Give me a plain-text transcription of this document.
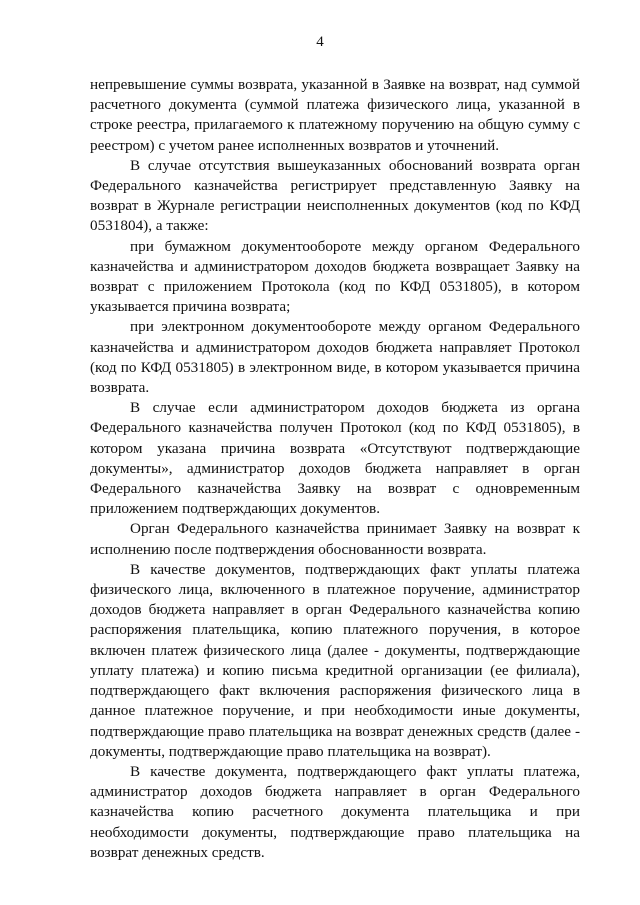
4

непревышение суммы возврата, указанной в Заявке на возврат, над суммой расчетного документа (суммой платежа физического лица, указанной в строке реестра, прилагаемого к платежному поручению на общую сумму с реестром) с учетом ранее исполненных возвратов и уточнений.

В случае отсутствия вышеуказанных обоснований возврата орган Федерального казначейства регистрирует представленную Заявку на возврат в Журнале регистрации неисполненных документов (код по КФД 0531804), а также:

при бумажном документообороте между органом Федерального казначейства и администратором доходов бюджета возвращает Заявку на возврат с приложением Протокола (код по КФД 0531805), в котором указывается причина возврата;

при электронном документообороте между органом Федерального казначейства и администратором доходов бюджета направляет Протокол (код по КФД 0531805) в электронном виде, в котором указывается причина возврата.

В случае если администратором доходов бюджета из органа Федерального казначейства получен Протокол (код по КФД 0531805), в котором указана причина возврата «Отсутствуют подтверждающие документы», администратор доходов бюджета направляет в орган Федерального казначейства Заявку на возврат с одновременным приложением подтверждающих документов.

Орган Федерального казначейства принимает Заявку на возврат к исполнению после подтверждения обоснованности возврата.

В качестве документов, подтверждающих факт уплаты платежа физического лица, включенного в платежное поручение, администратор доходов бюджета направляет в орган Федерального казначейства копию распоряжения плательщика, копию платежного поручения, в которое включен платеж физического лица (далее - документы, подтверждающие уплату платежа) и копию письма кредитной организации (ее филиала), подтверждающего факт включения распоряжения физического лица в данное платежное поручение, и при необходимости иные документы, подтверждающие право плательщика на возврат денежных средств (далее - документы, подтверждающие право плательщика на возврат).

В качестве документа, подтверждающего факт уплаты платежа, администратор доходов бюджета направляет в орган Федерального казначейства копию расчетного документа плательщика и при необходимости документы, подтверждающие право плательщика на возврат денежных средств.
